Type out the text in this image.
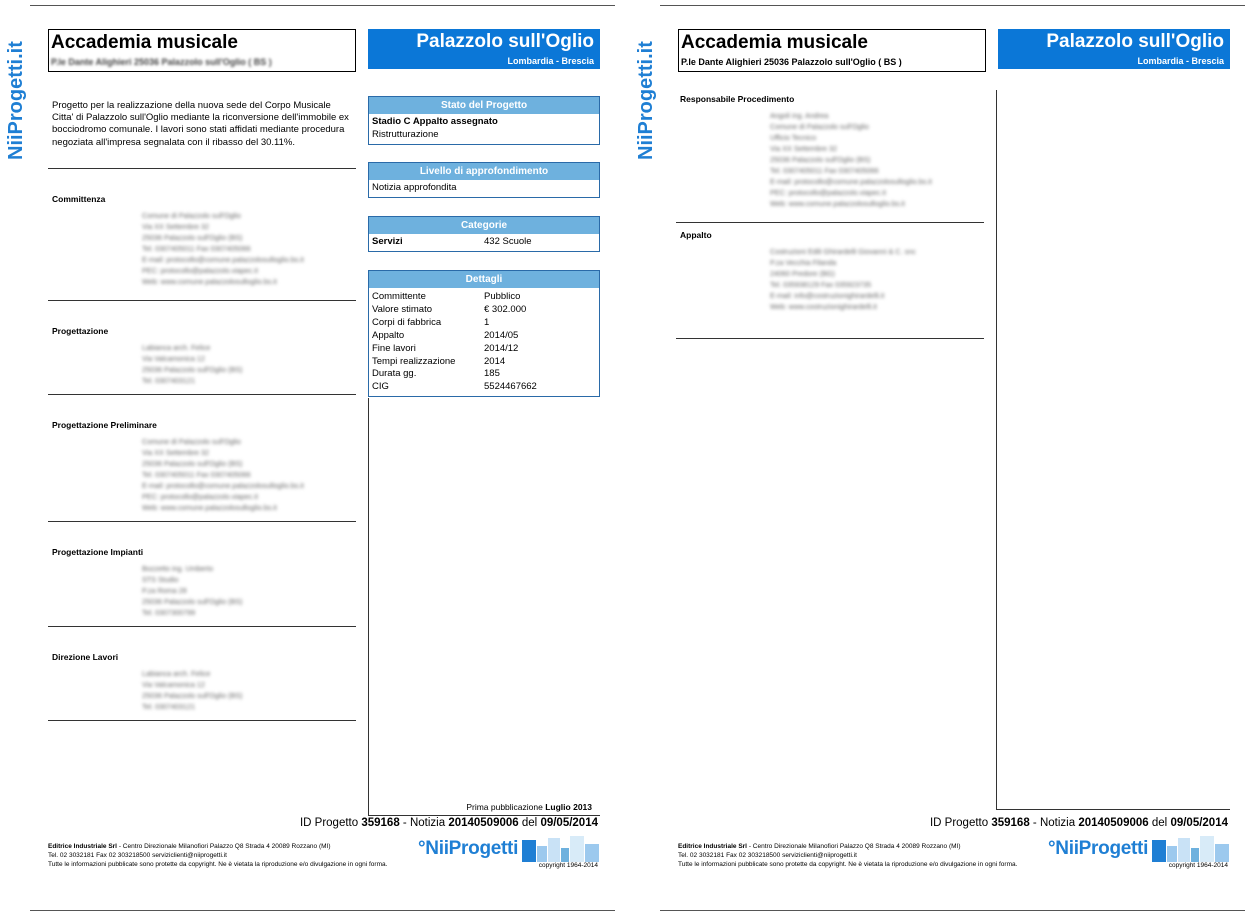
NiiProgetti.it Accademia musicale
P.le Dante Alighieri 25036 Palazzolo sull'Oglio ( BS )
Palazzolo sull'Oglio
Lombardia - Brescia
Progetto per la realizzazione della nuova sede del Corpo Musicale Citta' di Palazzolo sull'Oglio mediante la riconversione dell'immobile ex bocciodromo comunale. I lavori sono stati affidati mediante procedura negoziata all'impresa segnalata con il ribasso del 30.11%.
Committenza
Comune di Palazzolo sull'Oglio
Via XX Settembre 32
25036 Palazzolo sull'Oglio (BS)
Tel. 0307405011 Fax 0307405066
E-mail: protocollo@comune.palazzolosulloglio.bs.it
PEC: protocollo@palazzolo.viapec.it
Web: www.comune.palazzolosulloglio.bs.it
Progettazione
Labianca arch. Felice
Via Valcamonica 12
25036 Palazzolo sull'Oglio (BS)
Tel. 0307403121
Progettazione Preliminare
Comune di Palazzolo sull'Oglio
Via XX Settembre 32
25036 Palazzolo sull'Oglio (BS)
Tel. 0307405011 Fax 0307405066
E-mail: protocollo@comune.palazzolosulloglio.bs.it
PEC: protocollo@palazzolo.viapec.it
Web: www.comune.palazzolosulloglio.bs.it
Progettazione Impianti
Bozzetto ing. Umberto
STS Studio
P.za Roma 28
25036 Palazzolo sull'Oglio (BS)
Tel. 0307300799
Direzione Lavori
Labianca arch. Felice
Via Valcamonica 12
25036 Palazzolo sull'Oglio (BS)
Tel. 0307403121
Stato del Progetto
Stadio C Appalto assegnato
Ristrutturazione
Livello di approfondimento
Notizia approfondita
Categorie
Servizi	432 Scuole
Dettagli
Committente	Pubblico
Valore stimato	€ 302.000
Corpi di fabbrica	1
Appalto	2014/05
Fine lavori	2014/12
Tempi realizzazione	2014
Durata gg.	185
CIG	5524467662
Prima pubblicazione Luglio 2013
ID Progetto 359168 - Notizia 20140509006 del 09/05/2014
Editrice Industriale Srl - Centro Direzionale Milanofiori Palazzo Q8 Strada 4 20089 Rozzano (MI)
Tel. 02 3032181 Fax 02 303218500 serviziclienti@niiprogetti.it
Tutte le informazioni pubblicate sono protette da copyright. Ne è vietata la riproduzione e/o divulgazione in ogni forma.
°NiiProgetti
copyright 1964-2014
NiiProgetti.it Accademia musicale
P.le Dante Alighieri 25036 Palazzolo sull'Oglio ( BS )
Palazzolo sull'Oglio
Lombardia - Brescia
Responsabile Procedimento
Angoli ing. Andrea
Comune di Palazzolo sull'Oglio
Ufficio Tecnico
Via XX Settembre 32
25036 Palazzolo sull'Oglio (BS)
Tel. 0307405011 Fax 0307405066
E-mail: protocollo@comune.palazzolosulloglio.bs.it
PEC: protocollo@palazzolo.viapec.it
Web: www.comune.palazzolosulloglio.bs.it
Appalto
Costruzioni Edili Ghirardelli Giovanni & C. snc
P.za Vecchia Filanda
24060 Predore (BG)
Tel. 035938129 Fax 035923735
E-mail: info@costruzionighirardelli.it
Web: www.costruzionighirardelli.it
ID Progetto 359168 - Notizia 20140509006 del 09/05/2014
Editrice Industriale Srl - Centro Direzionale Milanofiori Palazzo Q8 Strada 4 20089 Rozzano (MI)
Tel. 02 3032181 Fax 02 303218500 serviziclienti@niiprogetti.it
Tutte le informazioni pubblicate sono protette da copyright. Ne è vietata la riproduzione e/o divulgazione in ogni forma.
°NiiProgetti
copyright 1964-2014
